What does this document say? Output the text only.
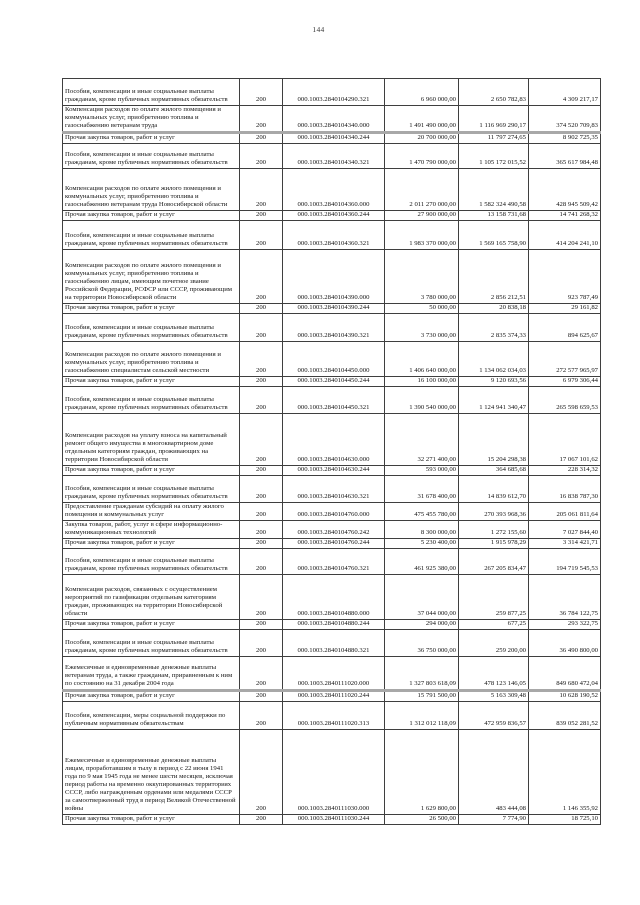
144
Пособия, компенсации и иные социальные выплаты гражданам, кроме публичных нормативных обязательств	200	000.1003.2840104290.321	6 960 000,00	2 650 782,83	4 309 217,17
Компенсация расходов по оплате жилого помещения и коммунальных услуг, приобретению топлива и газоснабжению ветеранам труда	200	000.1003.2840104340.000	1 491 490 000,00	1 116 969 290,17	374 520 709,83
Прочая закупка товаров, работ и услуг	200	000.1003.2840104340.244	20 700 000,00	11 797 274,65	8 902 725,35
Пособия, компенсации и иные социальные выплаты гражданам, кроме публичных нормативных обязательств	200	000.1003.2840104340.321	1 470 790 000,00	1 105 172 015,52	365 617 984,48
Компенсация расходов по оплате жилого помещения и коммунальных услуг, приобретению топлива и газоснабжению ветеранам труда Новосибирской области	200	000.1003.2840104360.000	2 011 270 000,00	1 582 324 490,58	428 945 509,42
Прочая закупка товаров, работ и услуг	200	000.1003.2840104360.244	27 900 000,00	13 158 731,68	14 741 268,32
Пособия, компенсации и иные социальные выплаты гражданам, кроме публичных нормативных обязательств	200	000.1003.2840104360.321	1 983 370 000,00	1 569 165 758,90	414 204 241,10
Компенсация расходов по оплате жилого помещения и коммунальных услуг, приобретению топлива и газоснабжению лицам, имеющим почетное звание Российской Федерации, РСФСР или СССР, проживающим на территории Новосибирской области	200	000.1003.2840104390.000	3 780 000,00	2 856 212,51	923 787,49
Прочая закупка товаров, работ и услуг	200	000.1003.2840104390.244	50 000,00	20 838,18	29 161,82
Пособия, компенсации и иные социальные выплаты гражданам, кроме публичных нормативных обязательств	200	000.1003.2840104390.321	3 730 000,00	2 835 374,33	894 625,67
Компенсация расходов по оплате жилого помещения и коммунальных услуг, приобретению топлива и газоснабжению специалистам сельской местности	200	000.1003.2840104450.000	1 406 640 000,00	1 134 062 034,03	272 577 965,97
Прочая закупка товаров, работ и услуг	200	000.1003.2840104450.244	16 100 000,00	9 120 693,56	6 979 306,44
Пособия, компенсации и иные социальные выплаты гражданам, кроме публичных нормативных обязательств	200	000.1003.2840104450.321	1 390 540 000,00	1 124 941 340,47	265 598 659,53
Компенсация расходов на уплату взноса на капитальный ремонт общего имущества в многоквартирном доме отдельным категориям граждан, проживающих на территории Новосибирской области	200	000.1003.2840104630.000	32 271 400,00	15 204 298,38	17 067 101,62
Прочая закупка товаров, работ и услуг	200	000.1003.2840104630.244	593 000,00	364 685,68	228 314,32
Пособия, компенсации и иные социальные выплаты гражданам, кроме публичных нормативных обязательств	200	000.1003.2840104630.321	31 678 400,00	14 839 612,70	16 838 787,30
Предоставление гражданам субсидий на оплату жилого помещения и коммунальных услуг	200	000.1003.2840104760.000	475 455 780,00	270 393 968,36	205 061 811,64
Закупка товаров, работ, услуг в сфере информационно-коммуникационных технологий	200	000.1003.2840104760.242	8 300 000,00	1 272 155,60	7 027 844,40
Прочая закупка товаров, работ и услуг	200	000.1003.2840104760.244	5 230 400,00	1 915 978,29	3 314 421,71
Пособия, компенсации и иные социальные выплаты гражданам, кроме публичных нормативных обязательств	200	000.1003.2840104760.321	461 925 380,00	267 205 834,47	194 719 545,53
Компенсация расходов, связанных с осуществлением мероприятий по газификации отдельным категориям граждан, проживающих на территории Новосибирской области	200	000.1003.2840104880.000	37 044 000,00	259 877,25	36 784 122,75
Прочая закупка товаров, работ и услуг	200	000.1003.2840104880.244	294 000,00	677,25	293 322,75
Пособия, компенсации и иные социальные выплаты гражданам, кроме публичных нормативных обязательств	200	000.1003.2840104880.321	36 750 000,00	259 200,00	36 490 800,00
Ежемесячные и единовременные денежные выплаты ветеранам труда, а также гражданам, приравненным к ним по состоянию на 31 декабря 2004 года	200	000.1003.2840111020.000	1 327 803 618,09	478 123 146,05	849 680 472,04
Прочая закупка товаров, работ и услуг	200	000.1003.2840111020.244	15 791 500,00	5 163 309,48	10 628 190,52
Пособия, компенсации, меры социальной поддержки по публичным нормативным обязательствам	200	000.1003.2840111020.313	1 312 012 118,09	472 959 836,57	839 052 281,52
Ежемесячные и единовременные денежные выплаты лицам, проработавшим в тылу в период с 22 июня 1941 года по 9 мая 1945 года не менее шести месяцев, исключая период работы на временно оккупированных территориях СССР, либо награжденным орденами или медалями СССР за самоотверженный труд в период Великой Отечественной войны	200	000.1003.2840111030.000	1 629 800,00	483 444,08	1 146 355,92
Прочая закупка товаров, работ и услуг	200	000.1003.2840111030.244	26 500,00	7 774,90	18 725,10
